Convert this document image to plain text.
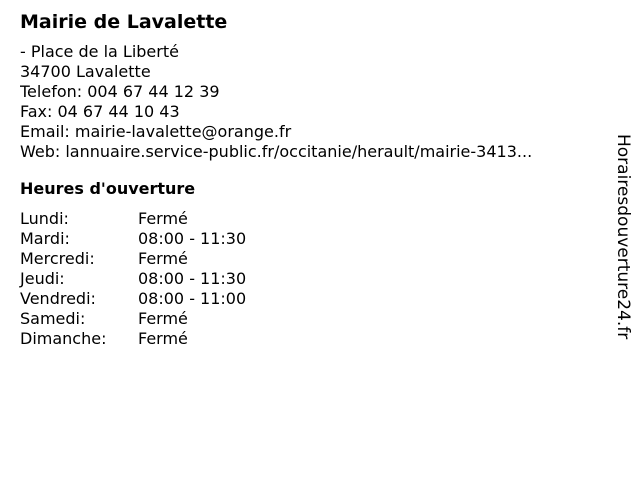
Mairie de Lavalette
- Place de la Liberté
34700 Lavalette
Telefon: 004 67 44 12 39
Fax: 04 67 44 10 43
Email: mairie-lavalette@orange.fr
Web: lannuaire.service-public.fr/occitanie/herault/mairie-3413...
Heures d'ouverture
Lundi:	Fermé
Mardi:	08:00 - 11:30
Mercredi:	Fermé
Jeudi:	08:00 - 11:30
Vendredi:	08:00 - 11:00
Samedi:	Fermé
Dimanche:	Fermé	Horairesdouverture24.fr
